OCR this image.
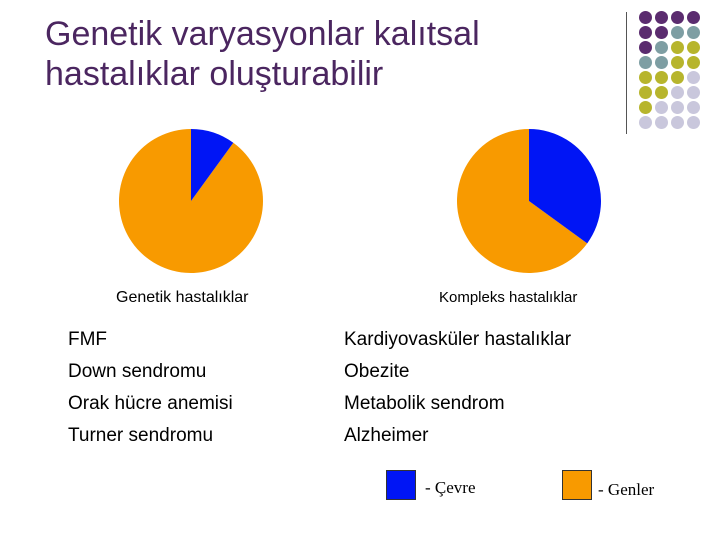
Genetik varyasyonlar kalıtsal
hastalıklar oluşturabilir
Genetik hastalıklar	Kompleks hastalıklar
FMF
Down sendromu
Orak hücre anemisi
Turner sendromu
Kardiyovasküler hastalıklar
Obezite
Metabolik sendrom
Alzheimer
- Çevre	- Genler
